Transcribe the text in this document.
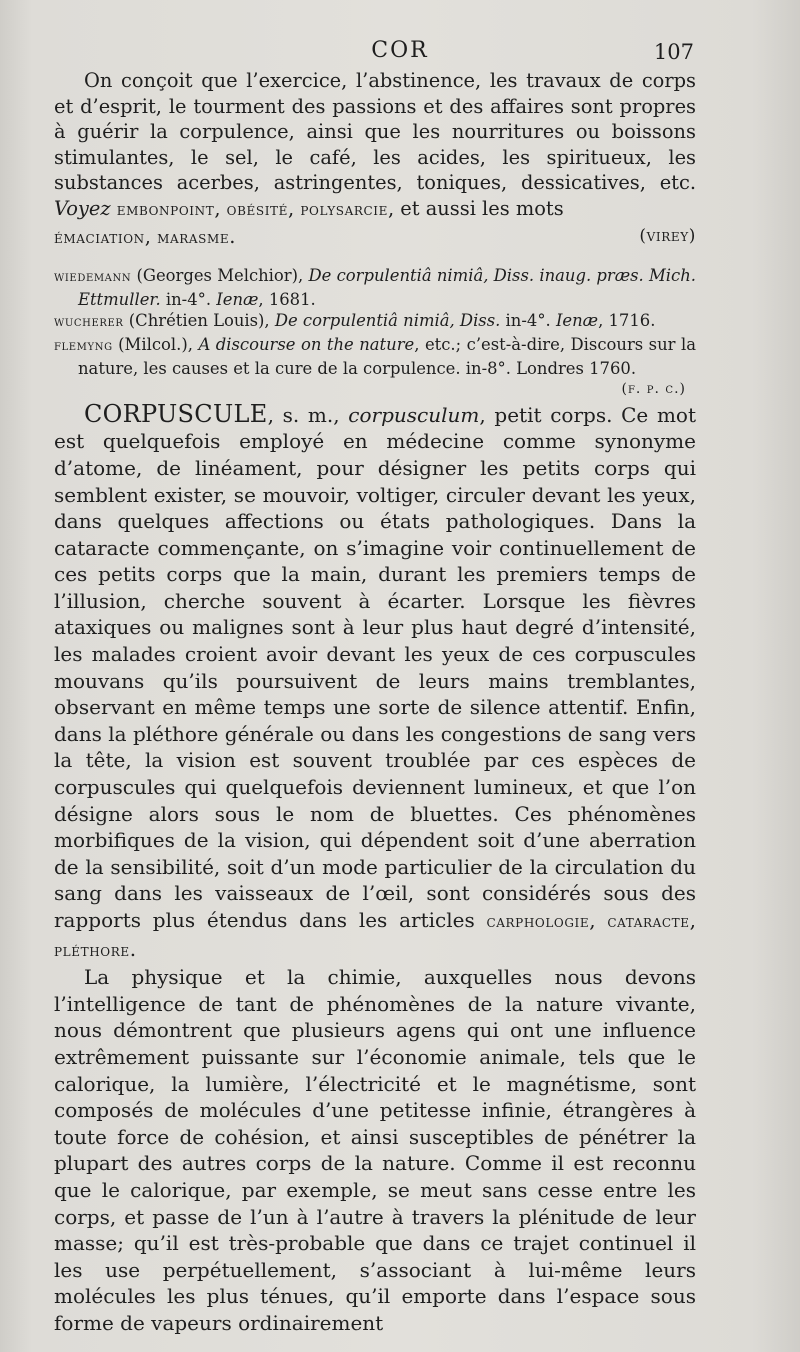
COR	107

On conçoit que l’exercice, l’abstinence, les travaux de corps et d’esprit, le tourment des passions et des affaires sont propres à guérir la corpulence, ainsi que les nourritures ou boissons stimulantes, le sel, le café, les acides, les spiritueux, les substances acerbes, astringentes, toniques, dessicatives, etc. Voyez embonpoint, obésité, polysarcie, et aussi les mots

émaciation, marasme.	(virey)

wiedemann (Georges Melchior), De corpulentiâ nimiâ, Diss. inaug. præs. Mich. Ettmuller. in-4°. Ienæ, 1681.

wucherer (Chrétien Louis), De corpulentiâ nimiâ, Diss. in-4°. Ienæ, 1716.

flemyng (Milcol.), A discourse on the nature, etc.; c’est-à-dire, Discours sur la nature, les causes et la cure de la corpulence. in-8°. Londres 1760.

(f. p. c.)

CORPUSCULE, s. m., corpusculum, petit corps. Ce mot est quelquefois employé en médecine comme synonyme d’atome, de linéament, pour désigner les petits corps qui semblent exister, se mouvoir, voltiger, circuler devant les yeux, dans quelques affections ou états pathologiques. Dans la cataracte commençante, on s’imagine voir continuellement de ces petits corps que la main, durant les premiers temps de l’illusion, cherche souvent à écarter. Lorsque les fièvres ataxiques ou malignes sont à leur plus haut degré d’intensité, les malades croient avoir devant les yeux de ces corpuscules mouvans qu’ils poursuivent de leurs mains tremblantes, observant en même temps une sorte de silence attentif. Enfin, dans la pléthore générale ou dans les congestions de sang vers la tête, la vision est souvent troublée par ces espèces de corpuscules qui quelquefois deviennent lumineux, et que l’on désigne alors sous le nom de bluettes. Ces phénomènes morbifiques de la vision, qui dépendent soit d’une aberration de la sensibilité, soit d’un mode particulier de la circulation du sang dans les vaisseaux de l’œil, sont considérés sous des rapports plus étendus dans les articles carphologie, cataracte, pléthore.

La physique et la chimie, auxquelles nous devons l’intelligence de tant de phénomènes de la nature vivante, nous démontrent que plusieurs agens qui ont une influence extrêmement puissante sur l’économie animale, tels que le calorique, la lumière, l’électricité et le magnétisme, sont composés de molécules d’une petitesse infinie, étrangères à toute force de cohésion, et ainsi susceptibles de pénétrer la plupart des autres corps de la nature. Comme il est reconnu que le calorique, par exemple, se meut sans cesse entre les corps, et passe de l’un à l’autre à travers la plénitude de leur masse; qu’il est très-probable que dans ce trajet continuel il les use perpétuellement, s’associant à lui-même leurs molécules les plus ténues, qu’il emporte dans l’espace sous forme de vapeurs ordinairement
